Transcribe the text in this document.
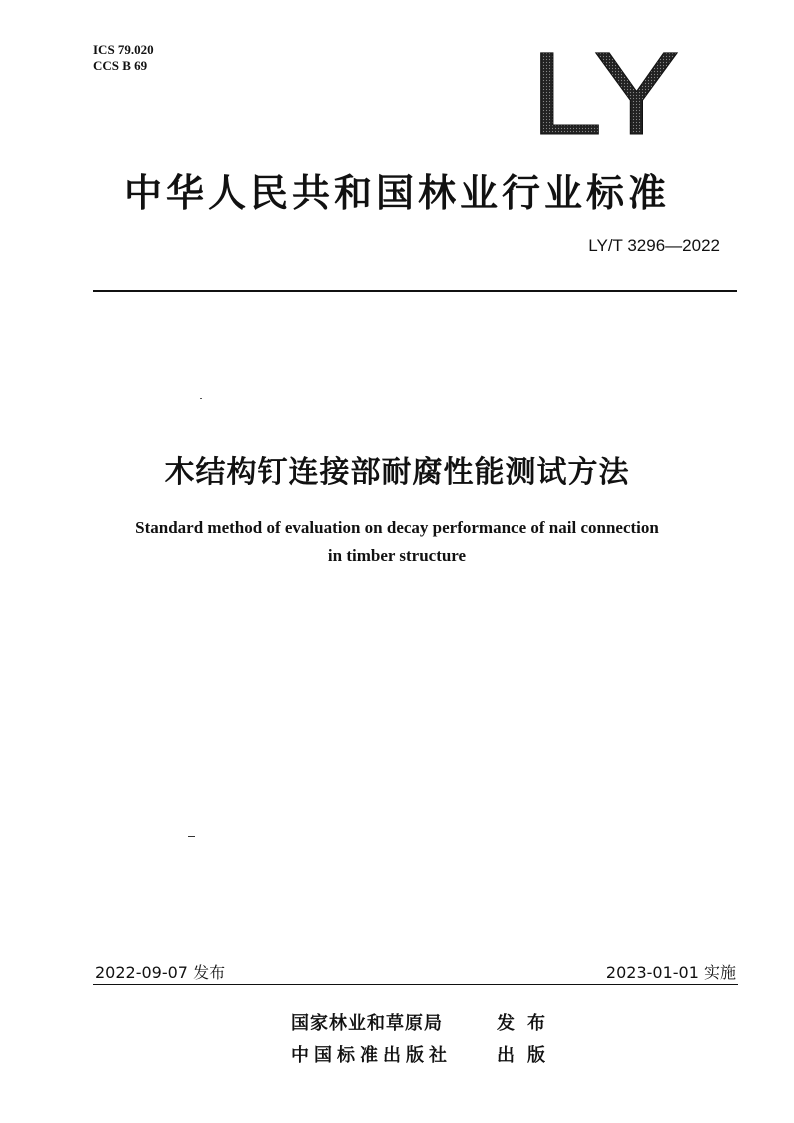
ICS 79.020
CCS B 69	LY
中华人民共和国林业行业标准
LY/T 3296—2022
木结构钉连接部耐腐性能测试方法
Standard method of evaluation on decay performance of nail connection
in timber structure
2022-09-07 发布	2023-01-01 实施
国家林业和草原局	发布
中国标准出版社	出版
